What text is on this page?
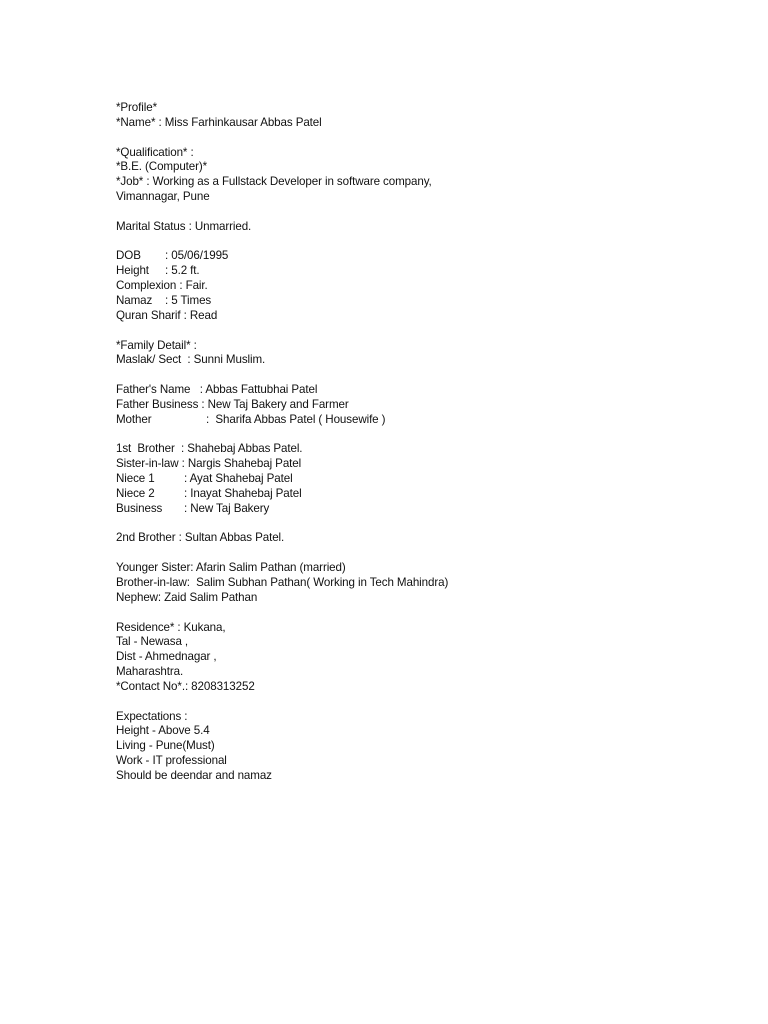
*Profile*
*Name* : Miss Farhinkausar Abbas Patel
*Qualification* :
*B.E. (Computer)*
*Job* : Working as a Fullstack Developer in software company,
Vimannagar, Pune
Marital Status : Unmarried.
DOB : 05/06/1995
Height : 5.2 ft.
Complexion : Fair.
Namaz : 5 Times
Quran Sharif : Read
*Family Detail* :
Maslak/ Sect  : Sunni Muslim.
Father's Name   : Abbas Fattubhai Patel
Father Business : New Taj Bakery and Farmer
Mother	:  Sharifa Abbas Patel ( Housewife )
1st  Brother  : Shahebaj Abbas Patel.
Sister-in-law : Nargis Shahebaj Patel
Niece 1	: Ayat Shahebaj Patel
Niece 2	: Inayat Shahebaj Patel
Business : New Taj Bakery
2nd Brother : Sultan Abbas Patel.
Younger Sister: Afarin Salim Pathan (married)
Brother-in-law:  Salim Subhan Pathan( Working in Tech Mahindra)
Nephew: Zaid Salim Pathan
Residence* : Kukana,
Tal - Newasa ,
Dist - Ahmednagar ,
Maharashtra.
*Contact No*.: 8208313252
Expectations :
Height - Above 5.4
Living - Pune(Must)
Work - IT professional
Should be deendar and namaz
